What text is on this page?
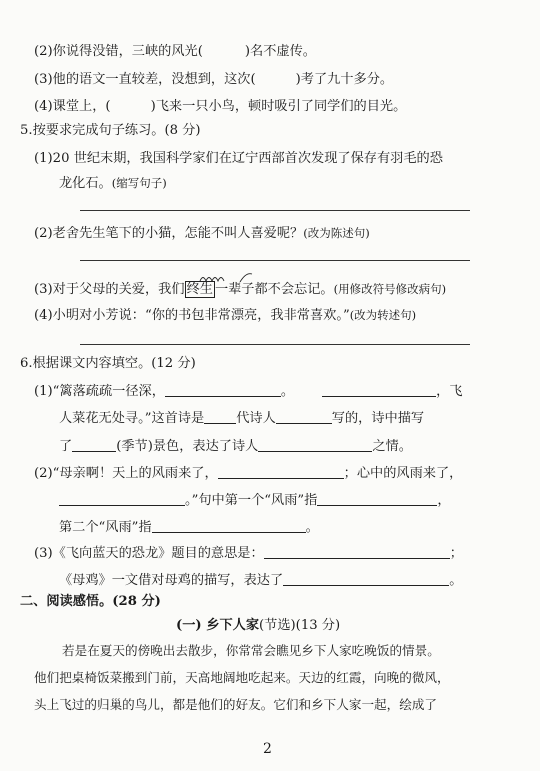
(2)你说得没错，三峡的风光(	)名不虚传。
(3)他的语文一直较差，没想到，这次(	)考了九十多分。
(4)课堂上，(	)飞来一只小鸟，顿时吸引了同学们的目光。
5.按要求完成句子练习。(8 分)
(1)20 世纪末期，我国科学家们在辽宁西部首次发现了保存有羽毛的恐
龙化石。(缩写句子)
(2)老舍先生笔下的小猫，怎能不叫人喜爱呢？(改为陈述句)
(3)对于父母的关爱，我们 终生 一辈子都不会忘记。(用修改符号修改病句)
(4)小明对小芳说：“你的书包非常漂亮，我非常喜欢。”(改为转述句)
6.根据课文内容填空。(12 分)
(1)“篱落疏疏一径深，	。	，飞
人菜花无处寻。”这首诗是 代诗人	写的，诗中描写
了	(季节)景色，表达了诗人	之情。
(2)“母亲啊！天上的风雨来了，	；心中的风雨来了，
。”句中第一个“风雨”指	，
第二个“风雨”指	。
(3)《飞向蓝天的恐龙》题目的意思是：	；
《母鸡》一文借对母鸡的描写，表达了	。
二、阅读感悟。(28 分)
(一) 乡下人家(节选)(13 分)
若是在夏天的傍晚出去散步，你常常会瞧见乡下人家吃晚饭的情景。
他们把桌椅饭菜搬到门前，天高地阔地吃起来。天边的红霞，向晚的微风，
头上飞过的归巢的鸟儿，都是他们的好友。它们和乡下人家一起，绘成了
2
